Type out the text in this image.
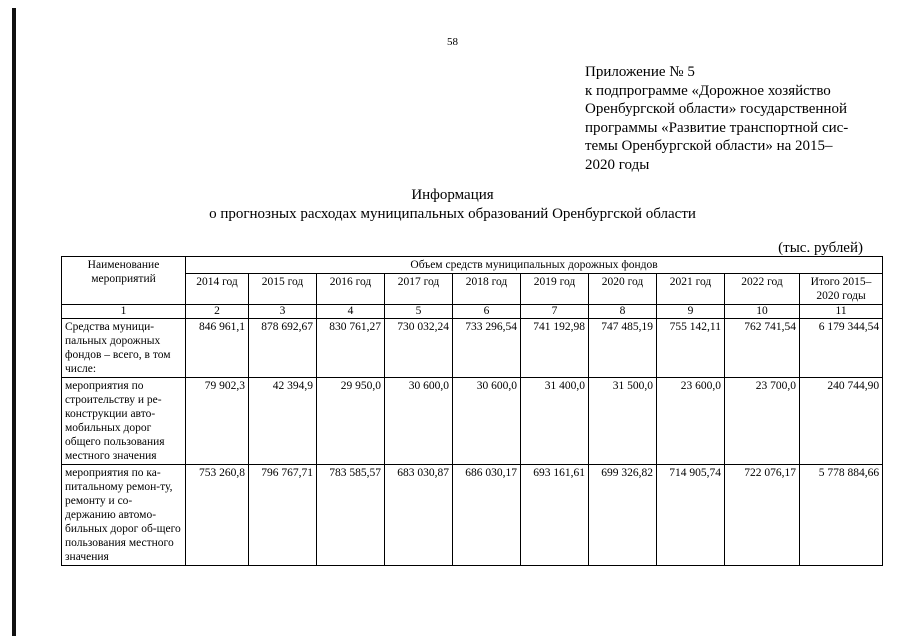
58
Приложение № 5
к подпрограмме «Дорожное хозяйство
Оренбургской области» государственной
программы «Развитие транспортной сис-
темы Оренбургской области» на 2015–
2020 годы
Информация
о прогнозных расходах муниципальных образований Оренбургской области
(тыс. рублей)
Наименование мероприятий	Объем средств муниципальных дорожных фондов									
	2014 год	2015 год	2016 год	2017 год	2018 год	2019 год	2020 год	2021 год	2022 год	Итого 2015–2020 годы
1	2	3	4	5	6	7	8	9	10	11
Средства муници-пальных дорожных фондов – всего, в том числе:	846 961,1	878 692,67	830 761,27	730 032,24	733 296,54	741 192,98	747 485,19	755 142,11	762 741,54	6 179 344,54
мероприятия по строительству и ре-конструкции авто-мобильных дорог общего пользования местного значения	79 902,3	42 394,9	29 950,0	30 600,0	30 600,0	31 400,0	31 500,0	23 600,0	23 700,0	240 744,90
мероприятия по ка-питальному ремон-ту, ремонту и со-держанию автомо-бильных дорог об-щего пользования местного значения	753 260,8	796 767,71	783 585,57	683 030,87	686 030,17	693 161,61	699 326,82	714 905,74	722 076,17	5 778 884,66
